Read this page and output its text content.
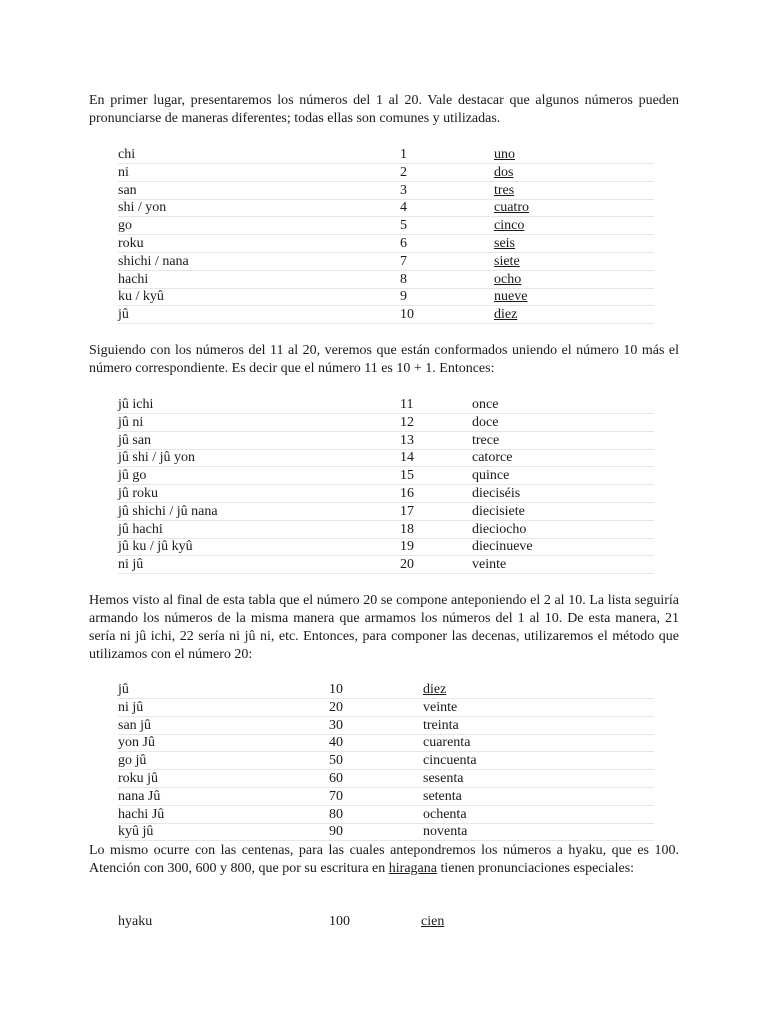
En primer lugar, presentaremos los números del 1 al 20. Vale destacar que algunos números pueden pronunciarse de maneras diferentes; todas ellas son comunes y utilizadas.

chi	1	uno
ni	2	dos
san	3	tres
shi / yon	4	cuatro
go	5	cinco
roku	6	seis
shichi / nana	7	siete
hachi	8	ocho
ku / kyû	9	nueve
jû	10	diez

Siguiendo con los números del 11 al 20, veremos que están conformados uniendo el número 10 más el número correspondiente. Es decir que el número 11 es 10 + 1. Entonces:

jû ichi	11	once
jû ni	12	doce
jû san	13	trece
jû shi / jû yon	14	catorce
jû go	15	quince
jû roku	16	dieciséis
jû shichi / jû nana	17	diecisiete
jû hachi	18	dieciocho
jû ku / jû kyû	19	diecinueve
ni jû	20	veinte

Hemos visto al final de esta tabla que el número 20 se compone anteponiendo el 2 al 10. La lista seguiría armando los números de la misma manera que armamos los números del 1 al 10. De esta manera, 21 sería ni jû ichi, 22 sería ni jû ni, etc. Entonces, para componer las decenas, utilizaremos el método que utilizamos con el número 20:

jû	10	diez
ni jû	20	veinte
san jû	30	treinta
yon Jû	40	cuarenta
go jû	50	cincuenta
roku jû	60	sesenta
nana Jû	70	setenta
hachi Jû	80	ochenta
kyû jû	90	noventa

Lo mismo ocurre con las centenas, para las cuales antepondremos los números a hyaku, que es 100. Atención con 300, 600 y 800, que por su escritura en hiragana tienen pronunciaciones especiales:

hyaku	100	cien
